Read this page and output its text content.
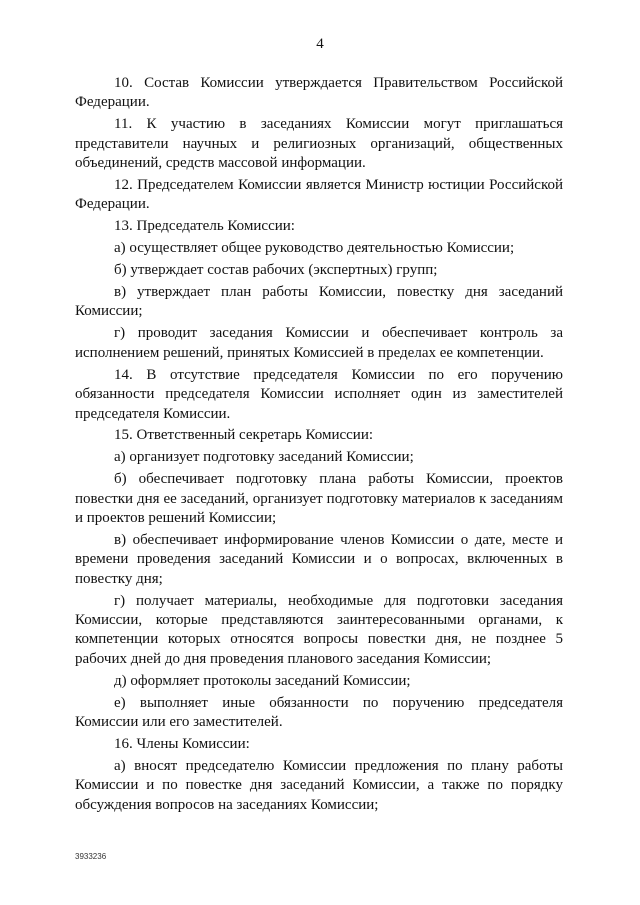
4

10. Состав Комиссии утверждается Правительством Российской Федерации.

11. К участию в заседаниях Комиссии могут приглашаться представители научных и религиозных организаций, общественных объединений, средств массовой информации.

12. Председателем Комиссии является Министр юстиции Российской Федерации.

13. Председатель Комиссии:

а) осуществляет общее руководство деятельностью Комиссии;

б) утверждает состав рабочих (экспертных) групп;

в) утверждает план работы Комиссии, повестку дня заседаний Комиссии;

г) проводит заседания Комиссии и обеспечивает контроль за исполнением решений, принятых Комиссией в пределах ее компетенции.

14. В отсутствие председателя Комиссии по его поручению обязанности председателя Комиссии исполняет один из заместителей председателя Комиссии.

15. Ответственный секретарь Комиссии:

а) организует подготовку заседаний Комиссии;

б) обеспечивает подготовку плана работы Комиссии, проектов повестки дня ее заседаний, организует подготовку материалов к заседаниям и проектов решений Комиссии;

в) обеспечивает информирование членов Комиссии о дате, месте и времени проведения заседаний Комиссии и о вопросах, включенных в повестку дня;

г) получает материалы, необходимые для подготовки заседания Комиссии, которые представляются заинтересованными органами, к компетенции которых относятся вопросы повестки дня, не позднее 5 рабочих дней до дня проведения планового заседания Комиссии;

д) оформляет протоколы заседаний Комиссии;

е) выполняет иные обязанности по поручению председателя Комиссии или его заместителей.

16. Члены Комиссии:

а) вносят председателю Комиссии предложения по плану работы Комиссии и по повестке дня заседаний Комиссии, а также по порядку обсуждения вопросов на заседаниях Комиссии;

3933236
